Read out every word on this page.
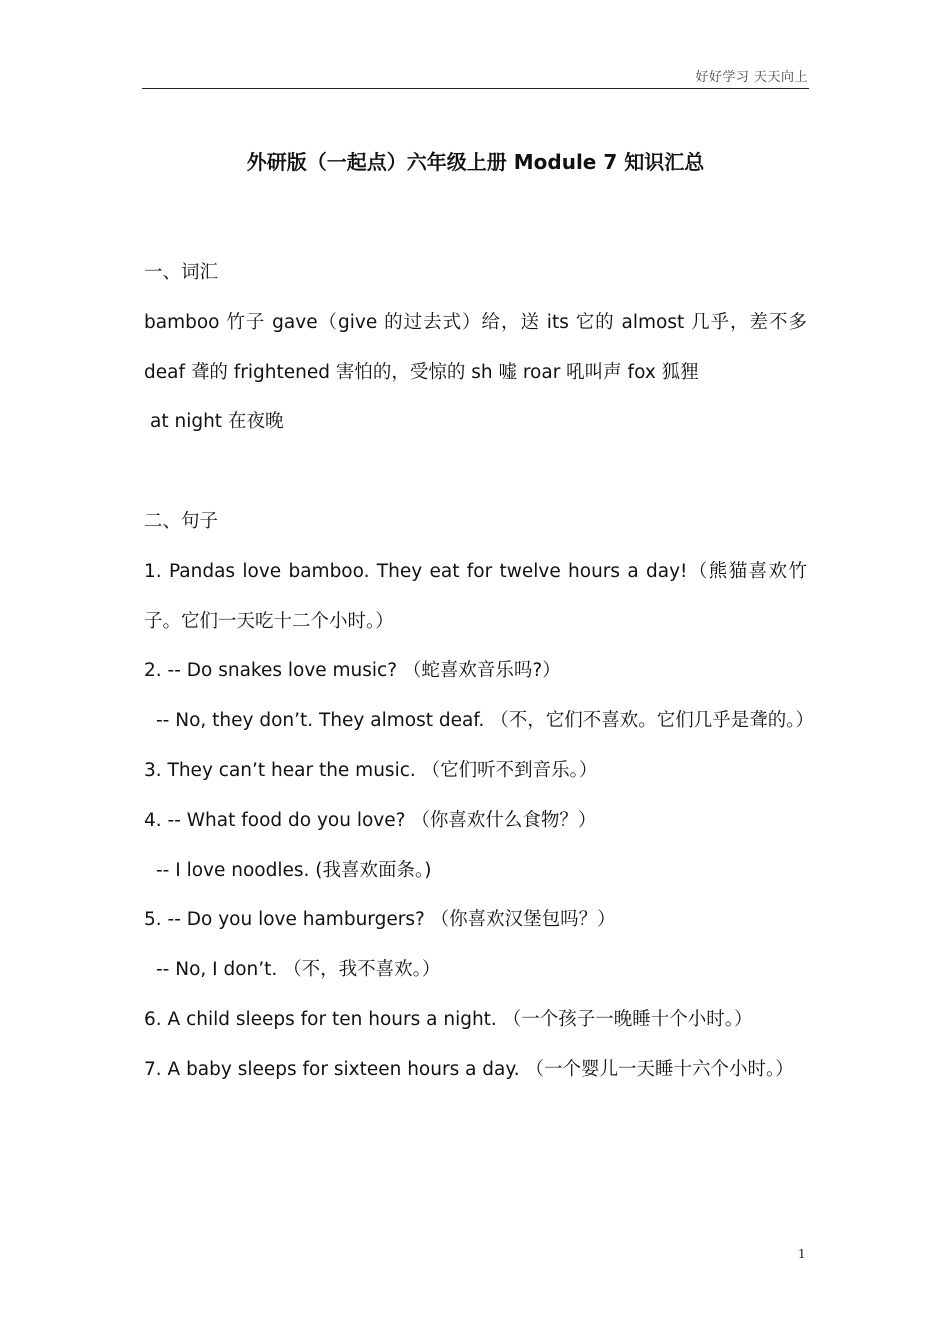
好好学习 天天向上
外研版（一起点）六年级上册 Module 7 知识汇总

一、词汇

bamboo 竹子 gave（give 的过去式）给，送 its 它的 almost 几乎，差不多 deaf 聋的 frightened 害怕的，受惊的 sh 嘘 roar 吼叫声 fox 狐狸

at night 在夜晚

二、句子

1. Pandas love bamboo. They eat for twelve hours a day!（熊猫喜欢竹子。它们一天吃十二个小时。）

2. -- Do snakes love music? （蛇喜欢音乐吗?）

-- No, they don’t. They almost deaf. （不，它们不喜欢。它们几乎是聋的。）

3. They can’t hear the music. （它们听不到音乐。）

4. -- What food do you love? （你喜欢什么食物？）

-- I love noodles. (我喜欢面条。)

5. -- Do you love hamburgers? （你喜欢汉堡包吗？）

-- No, I don’t. （不，我不喜欢。）

6. A child sleeps for ten hours a night. （一个孩子一晚睡十个小时。）

7. A baby sleeps for sixteen hours a day. （一个婴儿一天睡十六个小时。）

1
